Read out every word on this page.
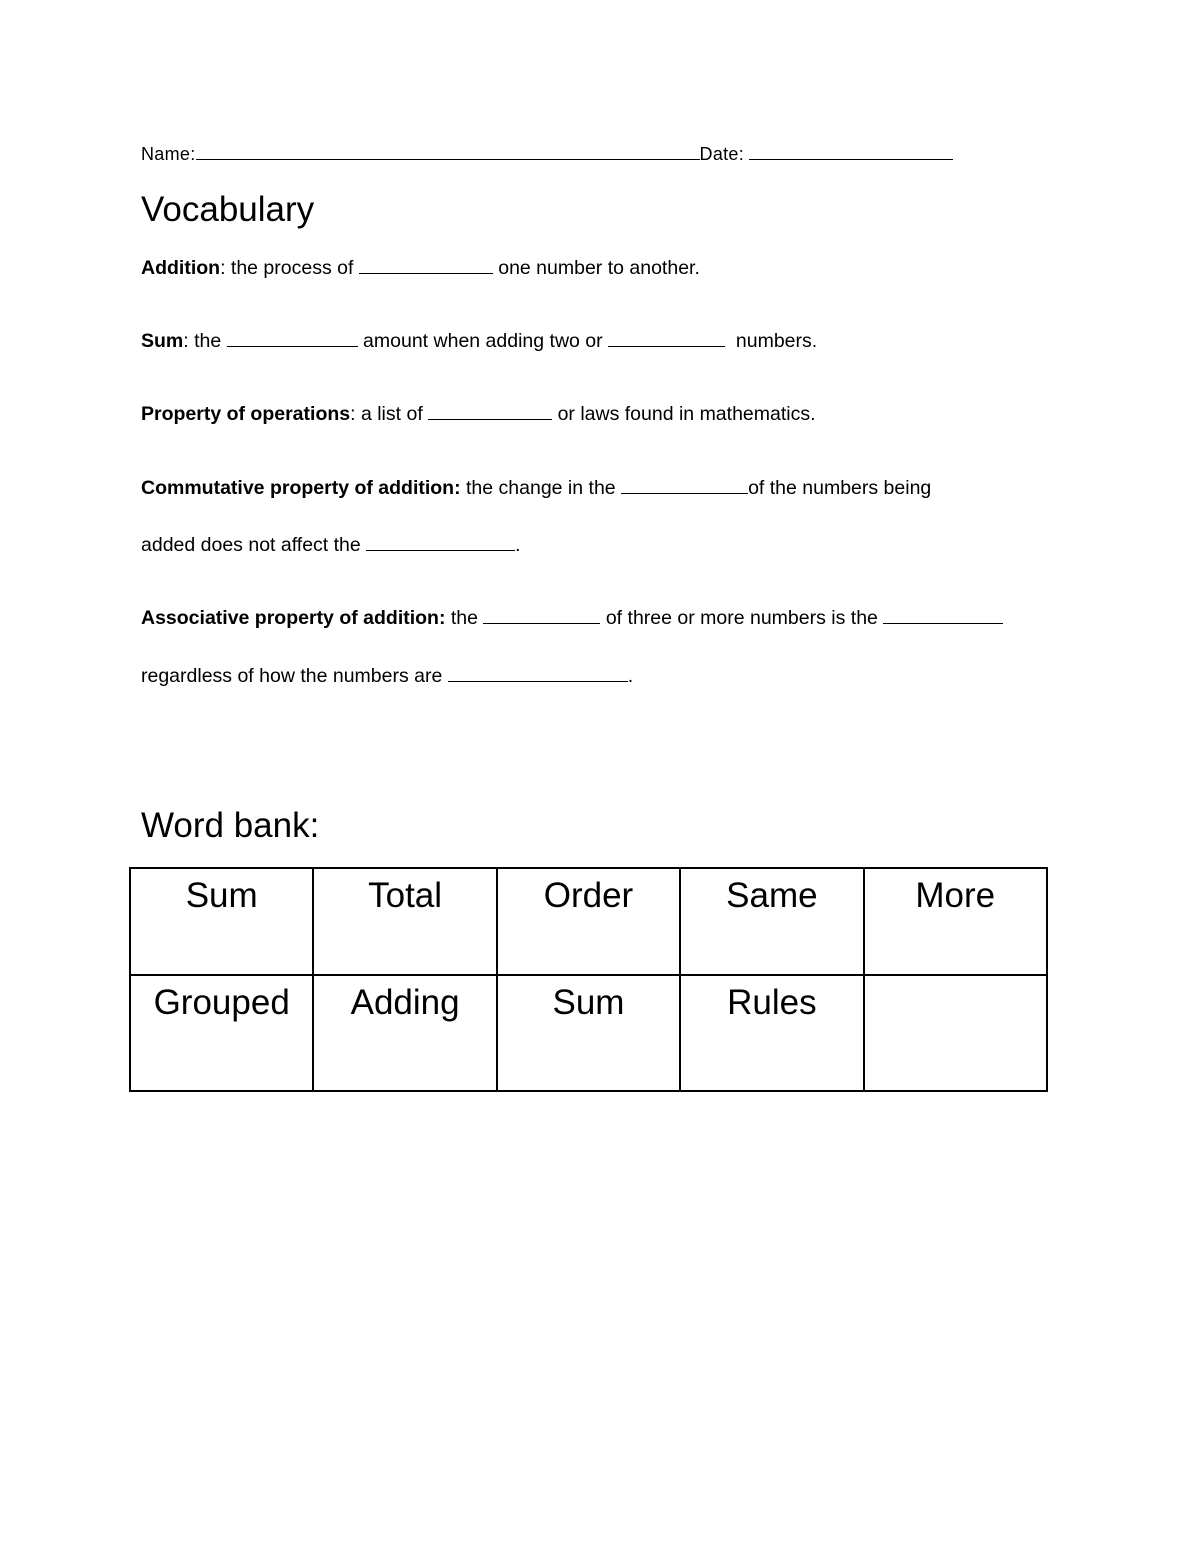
Name:	Date:
Vocabulary
Addition: the process of	one number to another.
Sum: the	amount when adding two or	numbers.
Property of operations: a list of	or laws found in mathematics.
Commutative property of addition: the change in the	of the numbers being
added does not affect the	.
Associative property of addition: the	of three or more numbers is the
regardless of how the numbers are	.
Word bank:
Sum	Total	Order	Same	More
Grouped	Adding	Sum	Rules	
